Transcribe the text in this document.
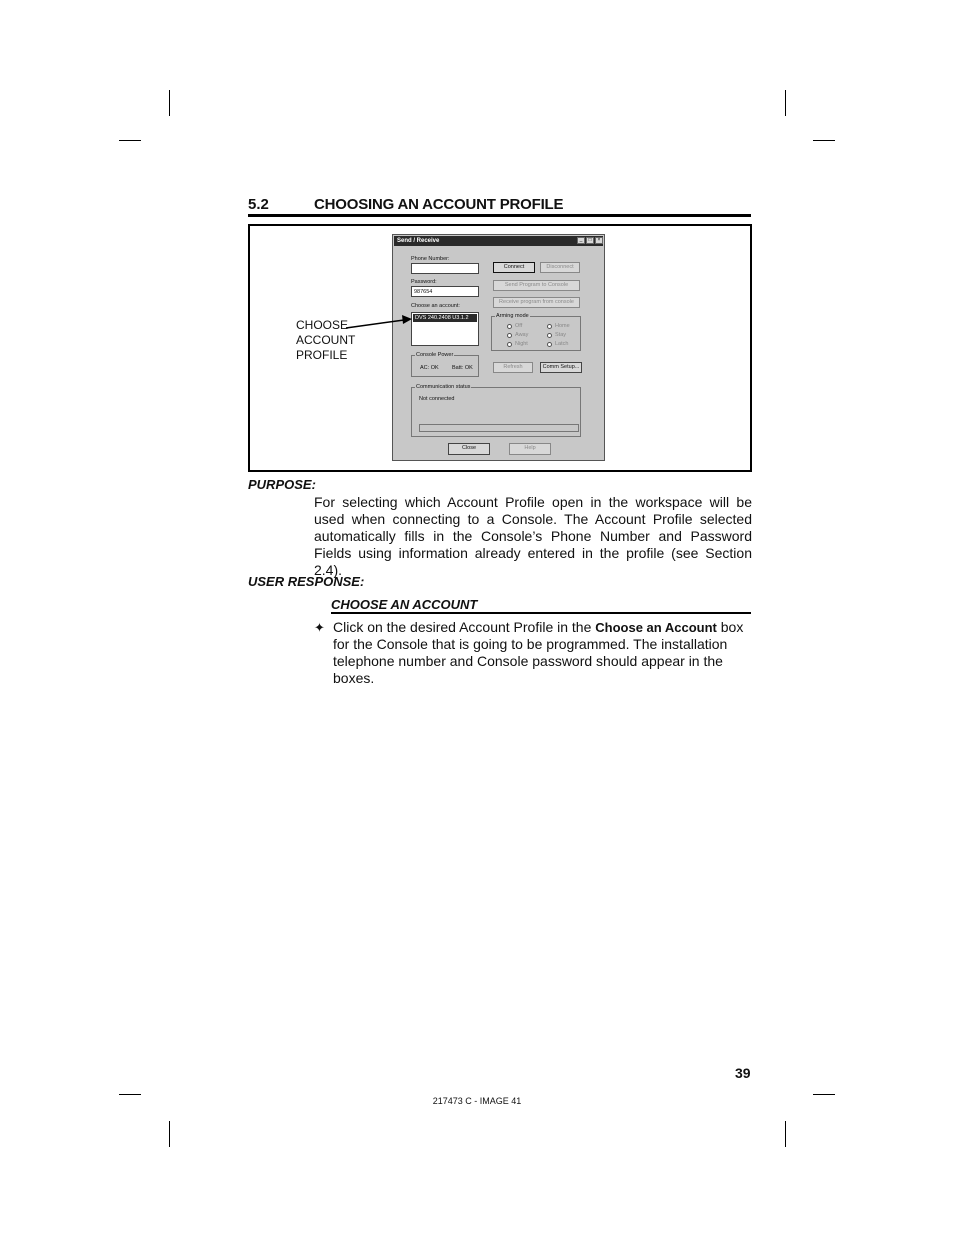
5.2	CHOOSING AN ACCOUNT PROFILE
Send / Receive	_	□	×
Phone Number:
Password:
987654
Choose an account:
DVS 240.2408 U3.1.2
Connect	Disconnect
Send Program to Console
Receive program from console
Arming mode
Off	Home
Away	Stay
Night	Latch
Console Power
AC: OK Batt: OK	Refresh	Comm Setup...
Communication status
Not connected
Close	Help
CHOOSE
ACCOUNT
PROFILE
PURPOSE:
For selecting which Account Profile open in the workspace will be used when connecting to a Console. The Account Profile selected automatically fills in the Console’s Phone Number and Password Fields using information already entered in the profile (see Section 2.4).
USER RESPONSE:
CHOOSE AN ACCOUNT
✦ Click on the desired Account Profile in the Choose an Account box for the Console that is going to be programmed. The installation telephone number and Console password should appear in the boxes.
39
217473 C - IMAGE 41
